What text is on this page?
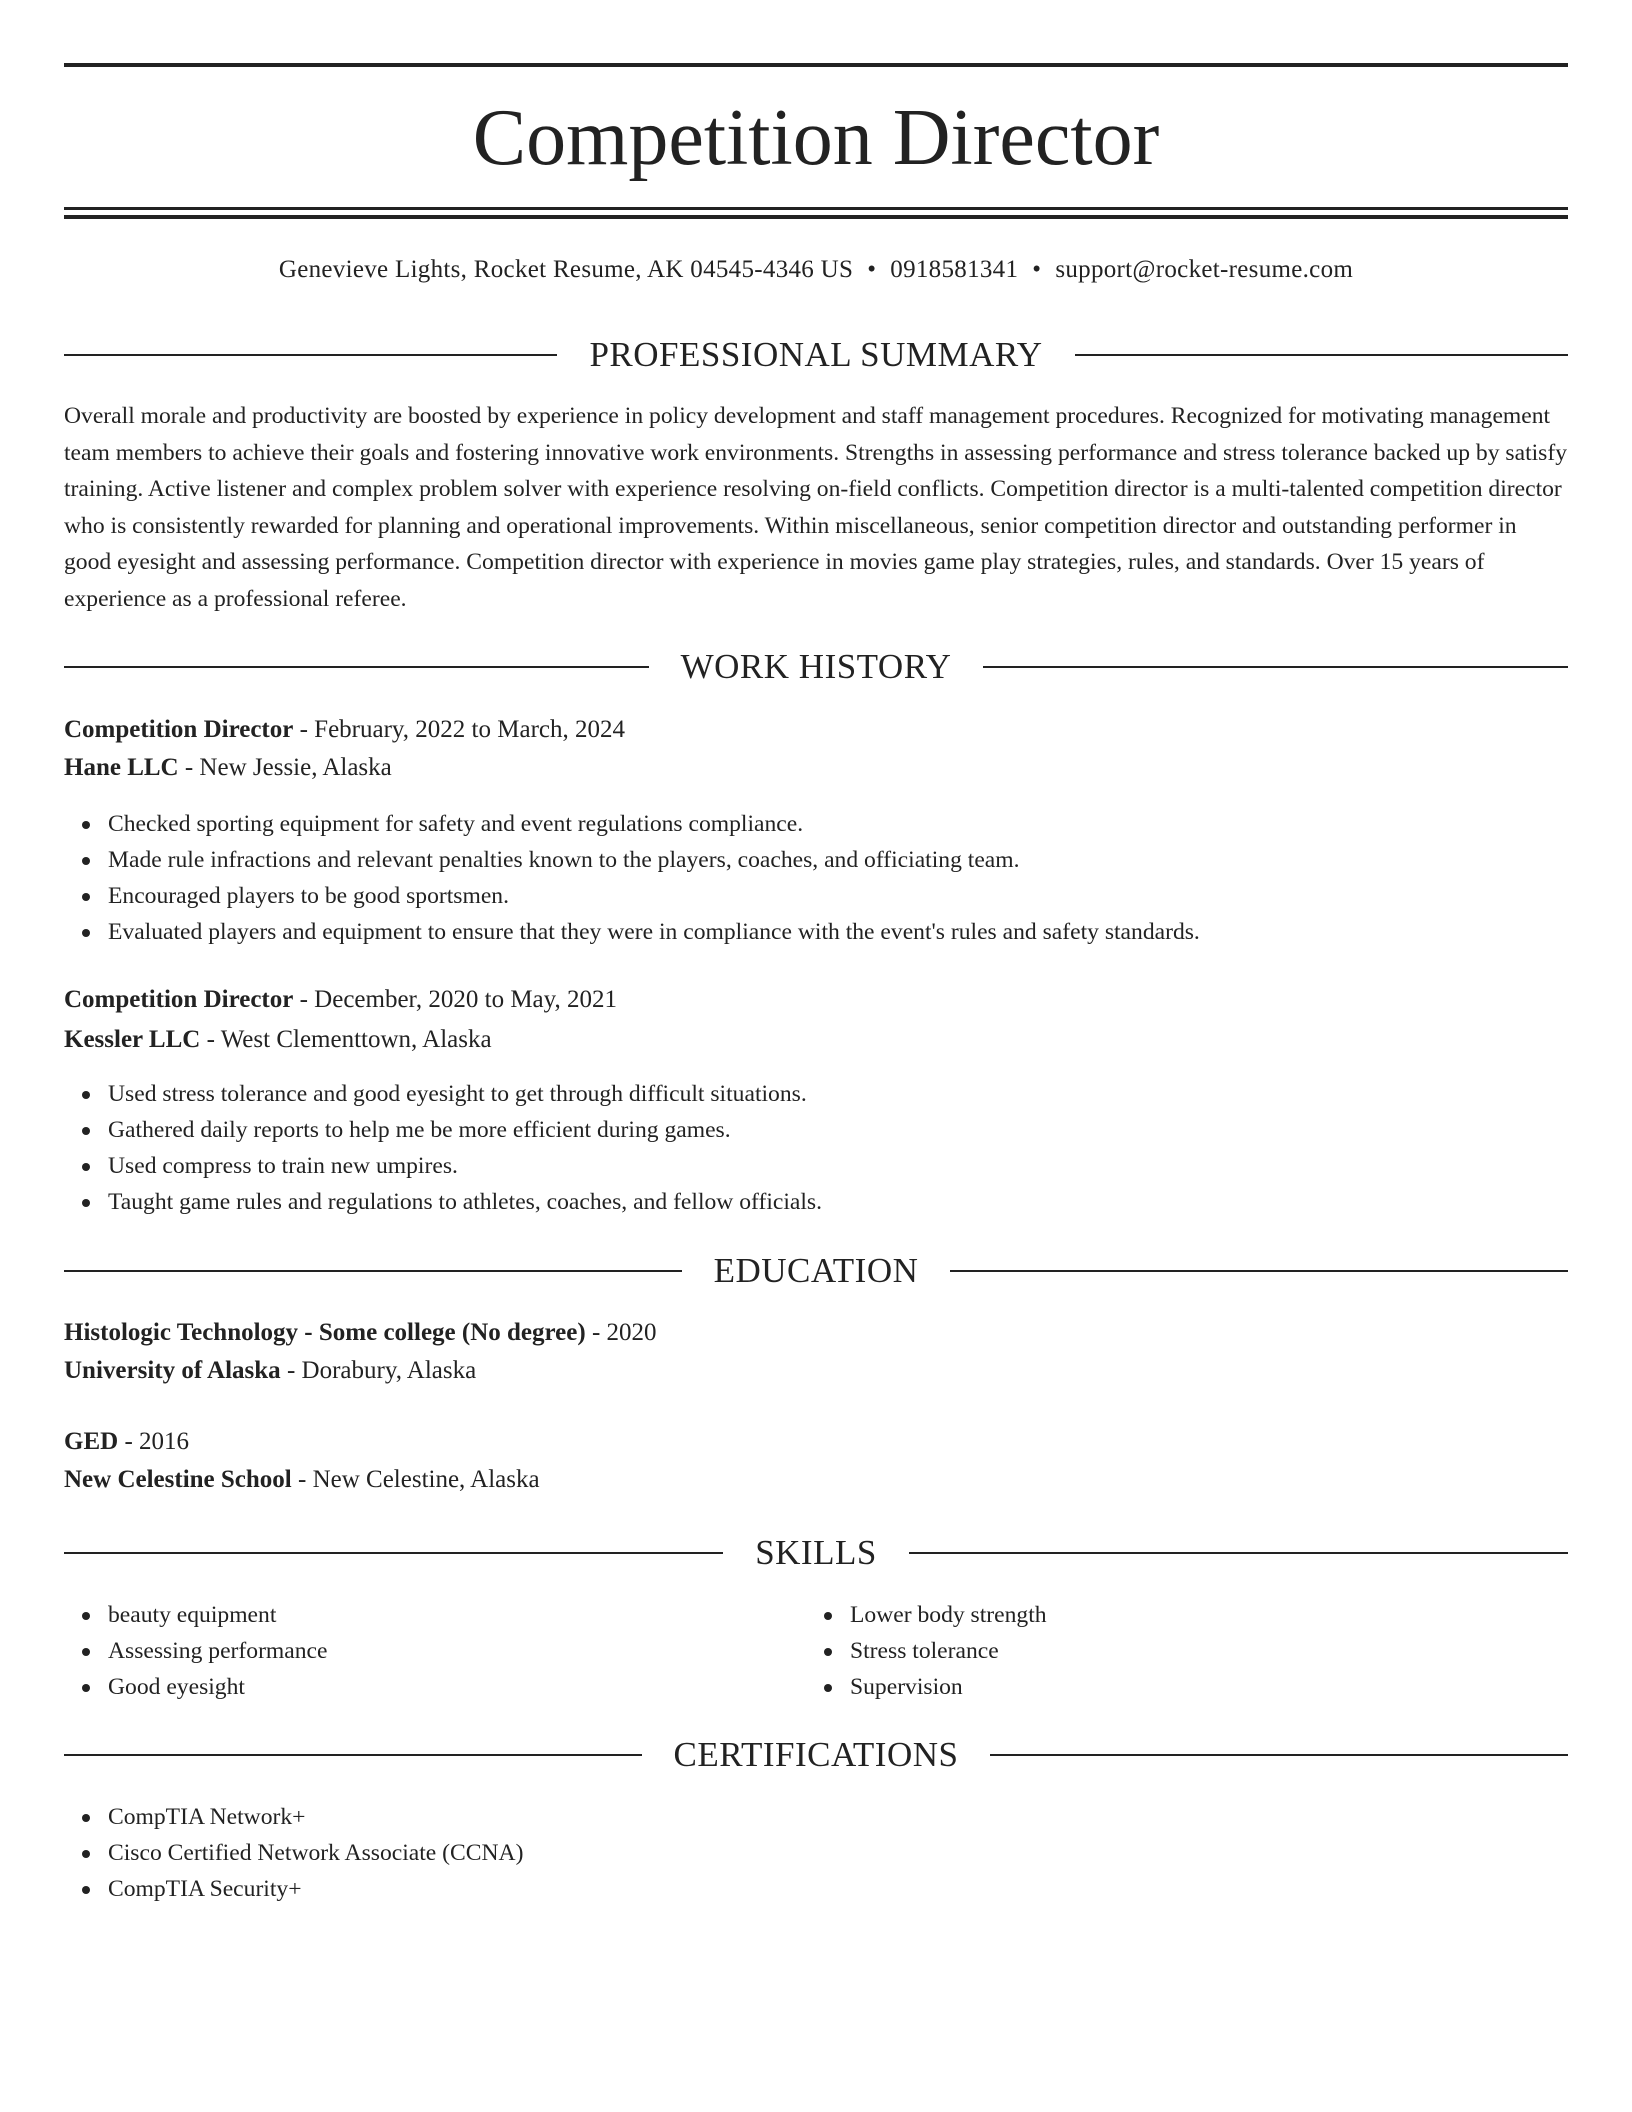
Competition Director
Genevieve Lights, Rocket Resume, AK 04545-4346 US • 0918581341 • support@rocket-resume.com
PROFESSIONAL SUMMARY

Overall morale and productivity are boosted by experience in policy development and staff management procedures. Recognized for motivating management team members to achieve their goals and fostering innovative work environments. Strengths in assessing performance and stress tolerance backed up by satisfy training. Active listener and complex problem solver with experience resolving on-field conflicts. Competition director is a multi-talented competition director who is consistently rewarded for planning and operational improvements. Within miscellaneous, senior competition director and outstanding performer in good eyesight and assessing performance. Competition director with experience in movies game play strategies, rules, and standards. Over 15 years of experience as a professional referee.

WORK HISTORY
Competition Director - February, 2022 to March, 2024
Hane LLC - New Jessie, Alaska
Checked sporting equipment for safety and event regulations compliance.
Made rule infractions and relevant penalties known to the players, coaches, and officiating team.
Encouraged players to be good sportsmen.
Evaluated players and equipment to ensure that they were in compliance with the event's rules and safety standards.
Competition Director - December, 2020 to May, 2021
Kessler LLC - West Clementtown, Alaska
Used stress tolerance and good eyesight to get through difficult situations.
Gathered daily reports to help me be more efficient during games.
Used compress to train new umpires.
Taught game rules and regulations to athletes, coaches, and fellow officials.
EDUCATION
Histologic Technology - Some college (No degree) - 2020
University of Alaska - Dorabury, Alaska
GED - 2016
New Celestine School - New Celestine, Alaska
SKILLS
beauty equipment
Assessing performance
Good eyesight
Lower body strength
Stress tolerance
Supervision
CERTIFICATIONS
CompTIA Network+
Cisco Certified Network Associate (CCNA)
CompTIA Security+
